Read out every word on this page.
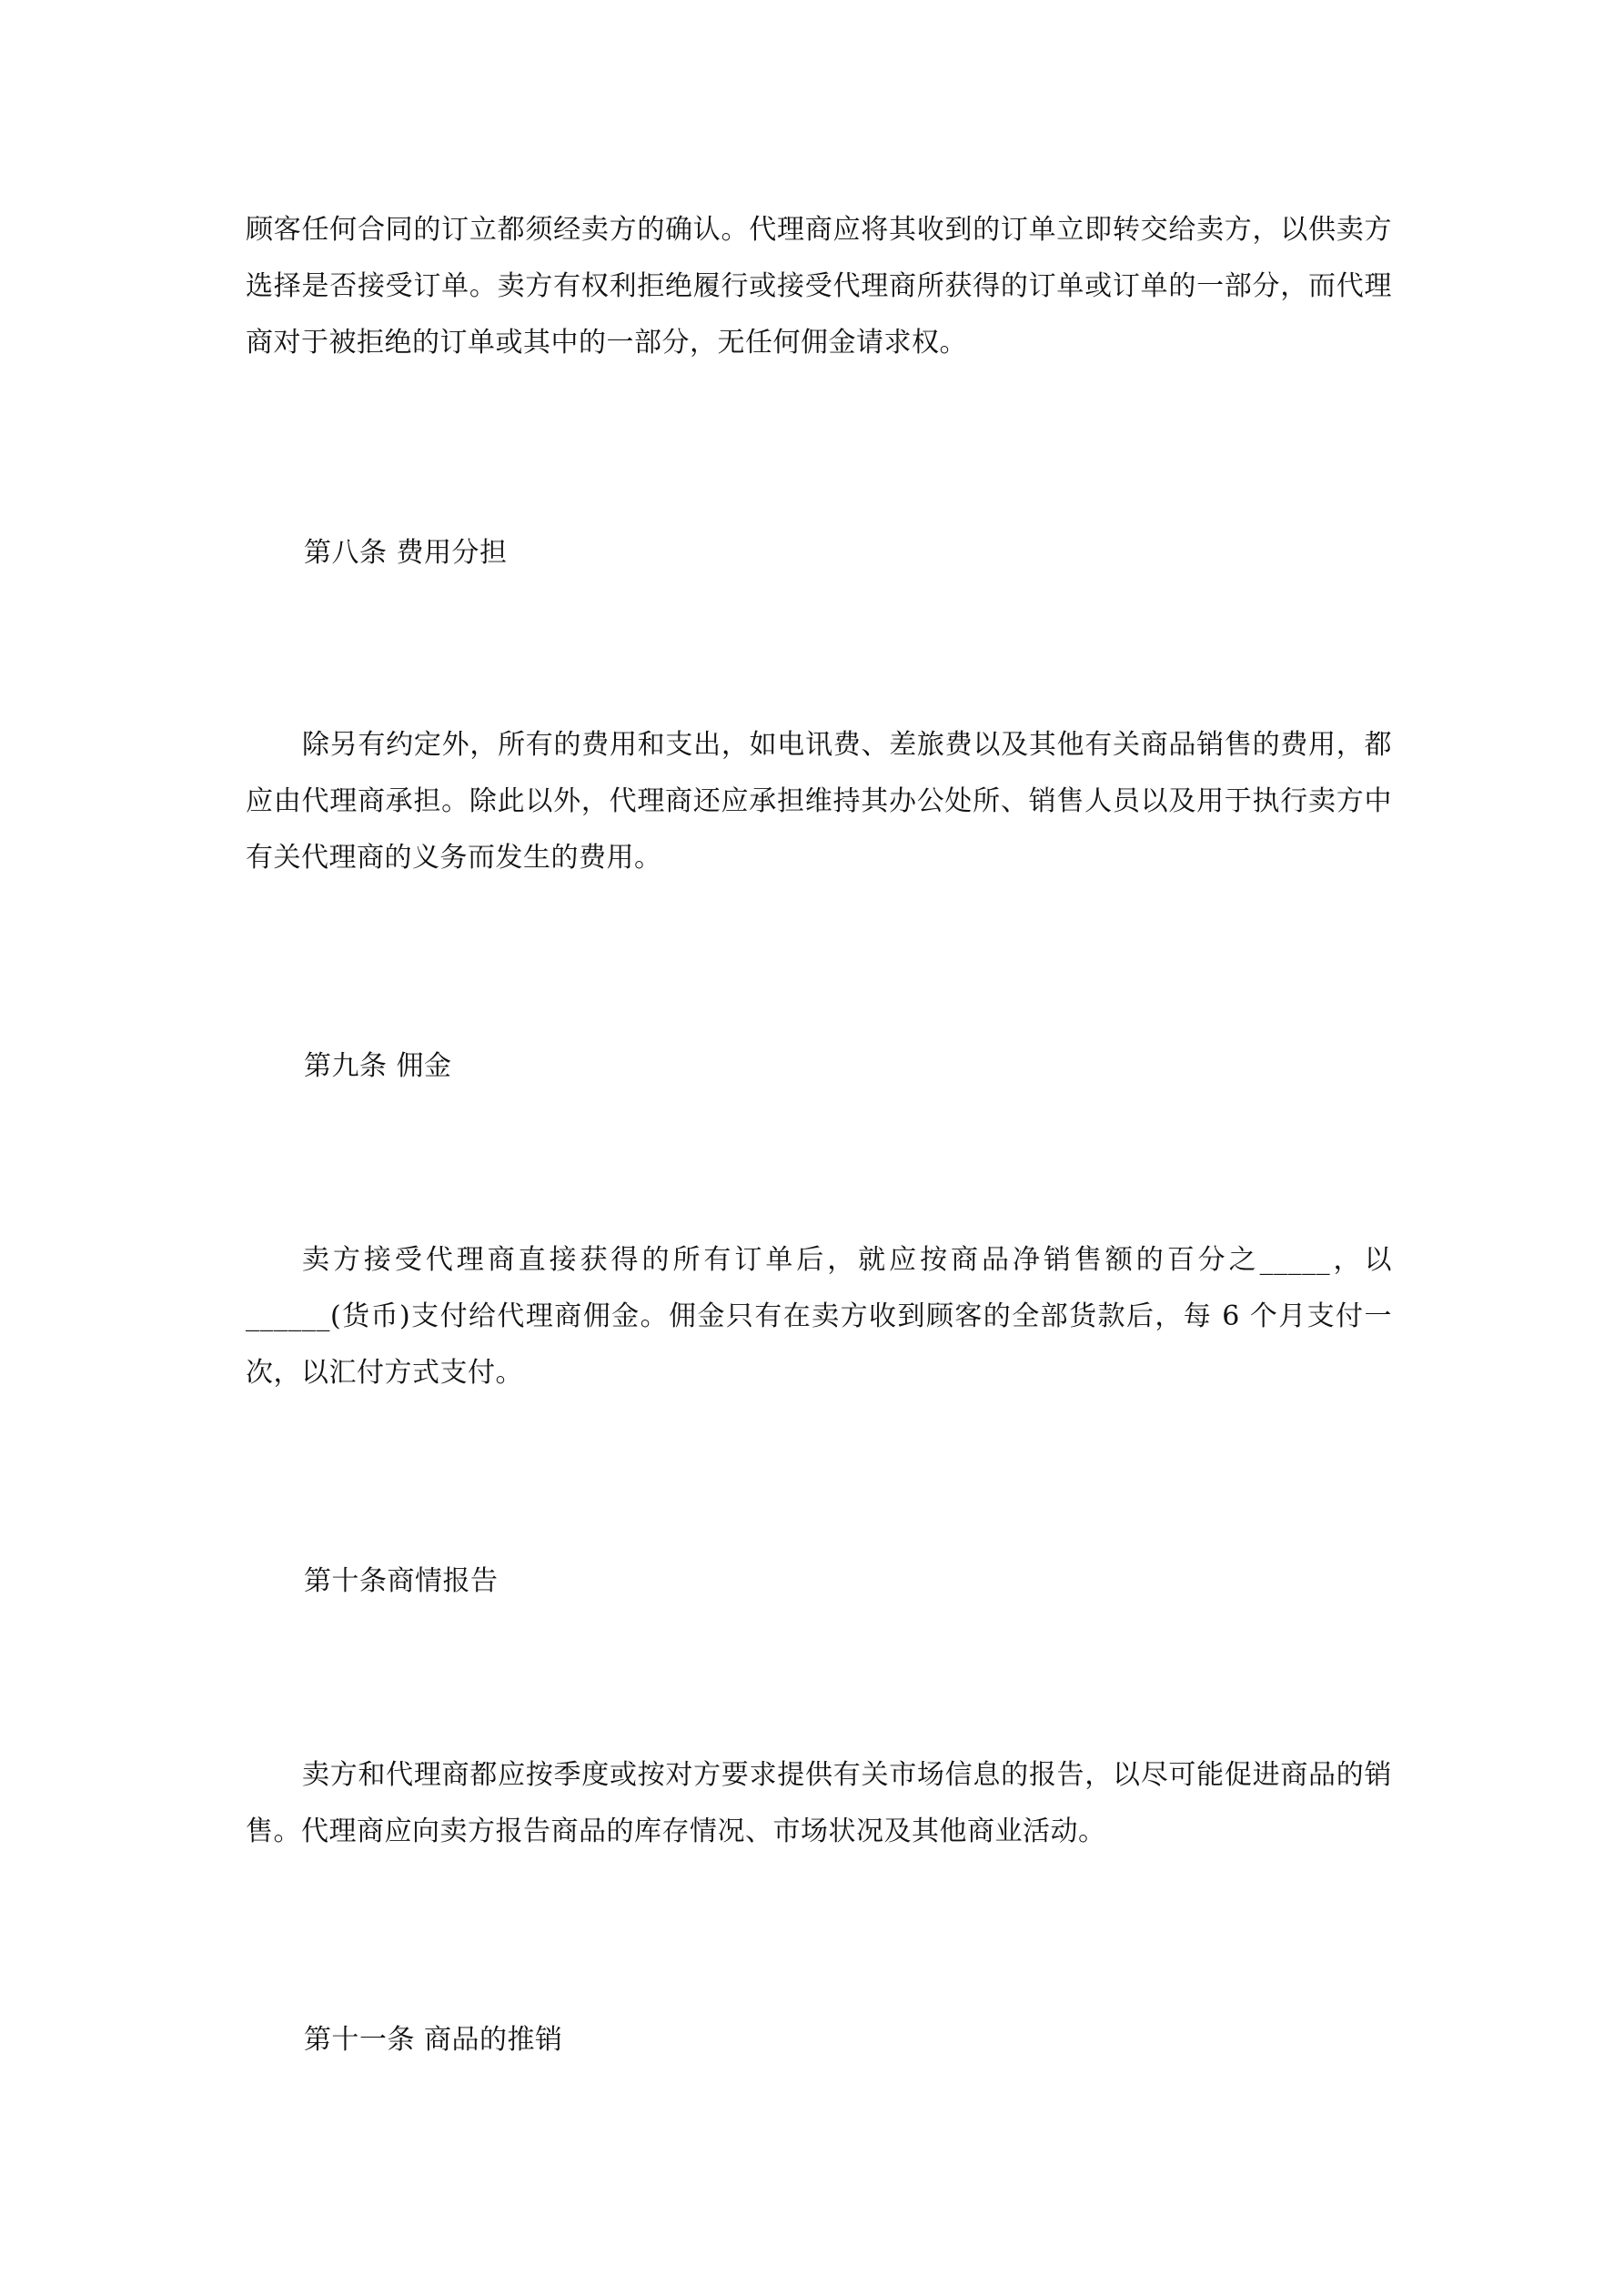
顾客任何合同的订立都须经卖方的确认。代理商应将其收到的订单立即转交给卖方，以供卖方选择是否接受订单。卖方有权利拒绝履行或接受代理商所获得的订单或订单的一部分，而代理商对于被拒绝的订单或其中的一部分，无任何佣金请求权。
第八条 费用分担
除另有约定外，所有的费用和支出，如电讯费、差旅费以及其他有关商品销售的费用，都应由代理商承担。除此以外，代理商还应承担维持其办公处所、销售人员以及用于执行卖方中有关代理商的义务而发生的费用。
第九条 佣金
卖方接受代理商直接获得的所有订单后，就应按商品净销售额的百分之_____，以______(货币)支付给代理商佣金。佣金只有在卖方收到顾客的全部货款后，每 6 个月支付一次，以汇付方式支付。
第十条商情报告
卖方和代理商都应按季度或按对方要求提供有关市场信息的报告，以尽可能促进商品的销售。代理商应向卖方报告商品的库存情况、市场状况及其他商业活动。
第十一条 商品的推销
